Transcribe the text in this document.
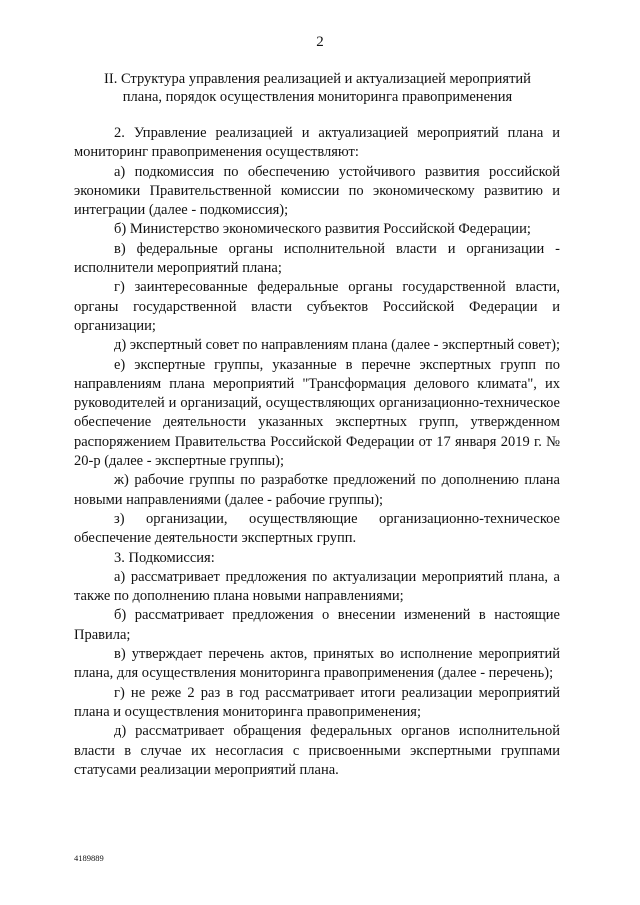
2
II. Структура управления реализацией и актуализацией мероприятий
плана, порядок осуществления мониторинга правоприменения

2. Управление реализацией и актуализацией мероприятий плана и мониторинг правоприменения осуществляют:

а) подкомиссия по обеспечению устойчивого развития российской экономики Правительственной комиссии по экономическому развитию и интеграции (далее - подкомиссия);

б) Министерство экономического развития Российской Федерации;

в) федеральные органы исполнительной власти и организации - исполнители мероприятий плана;

г) заинтересованные федеральные органы государственной власти, органы государственной власти субъектов Российской Федерации и организации;

д) экспертный совет по направлениям плана (далее - экспертный совет);

е) экспертные группы, указанные в перечне экспертных групп по направлениям плана мероприятий "Трансформация делового климата", их руководителей и организаций, осуществляющих организационно-техническое обеспечение деятельности указанных экспертных групп, утвержденном распоряжением Правительства Российской Федерации от 17 января 2019 г. № 20-р (далее - экспертные группы);

ж) рабочие группы по разработке предложений по дополнению плана новыми направлениями (далее - рабочие группы);

з) организации, осуществляющие организационно-техническое обеспечение деятельности экспертных групп.

3. Подкомиссия:

а) рассматривает предложения по актуализации мероприятий плана, а также по дополнению плана новыми направлениями;

б) рассматривает предложения о внесении изменений в настоящие Правила;

в) утверждает перечень актов, принятых во исполнение мероприятий плана, для осуществления мониторинга правоприменения (далее - перечень);

г) не реже 2 раз в год рассматривает итоги реализации мероприятий плана и осуществления мониторинга правоприменения;

д) рассматривает обращения федеральных органов исполнительной власти в случае их несогласия с присвоенными экспертными группами статусами реализации мероприятий плана.

4189889
